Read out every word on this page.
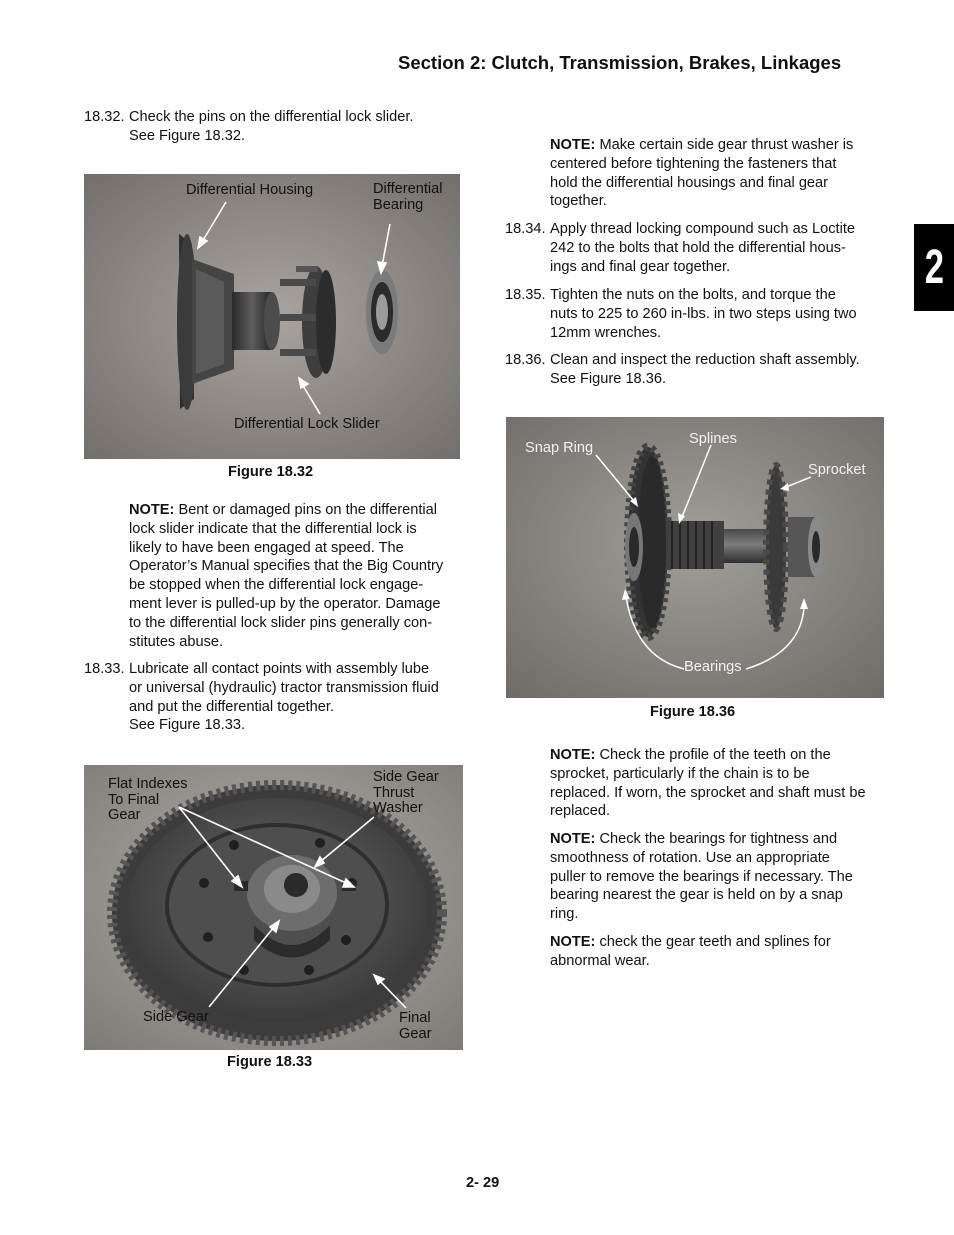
Section 2: Clutch, Transmission, Brakes, Linkages
2
18.32. Check the pins on the differential lock slider.
See Figure 18.32.
Differential Housing	Differential
Bearing
Differential Lock Slider
Figure 18.32
NOTE: Bent or damaged pins on the differential
lock slider indicate that the differential lock is
likely to have been engaged at speed. The
Operator’s Manual specifies that the Big Country
be stopped when the differential lock engage-
ment lever is pulled-up by the operator. Damage
to the differential lock slider pins generally con-
stitutes abuse.
18.33. Lubricate all contact points with assembly lube
or universal (hydraulic) tractor transmission fluid
and put the differential together.
See Figure 18.33.
Flat Indexes
To Final
Gear
Side Gear
Thrust
Washer
Side Gear	Final
Gear
Figure 18.33
NOTE: Make certain side gear thrust washer is
centered before tightening the fasteners that
hold the differential housings and final gear
together.
18.34. Apply thread locking compound such as Loctite
242 to the bolts that hold the differential hous-
ings and final gear together.
18.35. Tighten the nuts on the bolts, and torque the
nuts to 225 to 260 in-lbs. in two steps using two
12mm wrenches.
18.36. Clean and inspect the reduction shaft assembly.
See Figure 18.36.
Snap Ring
Splines
Sprocket
Bearings
Figure 18.36
NOTE: Check the profile of the teeth on the
sprocket, particularly if the chain is to be
replaced. If worn, the sprocket and shaft must be
replaced.
NOTE: Check the bearings for tightness and
smoothness of rotation. Use an appropriate
puller to remove the bearings if necessary. The
bearing nearest the gear is held on by a snap
ring.
NOTE: check the gear teeth and splines for
abnormal wear.
2- 29
